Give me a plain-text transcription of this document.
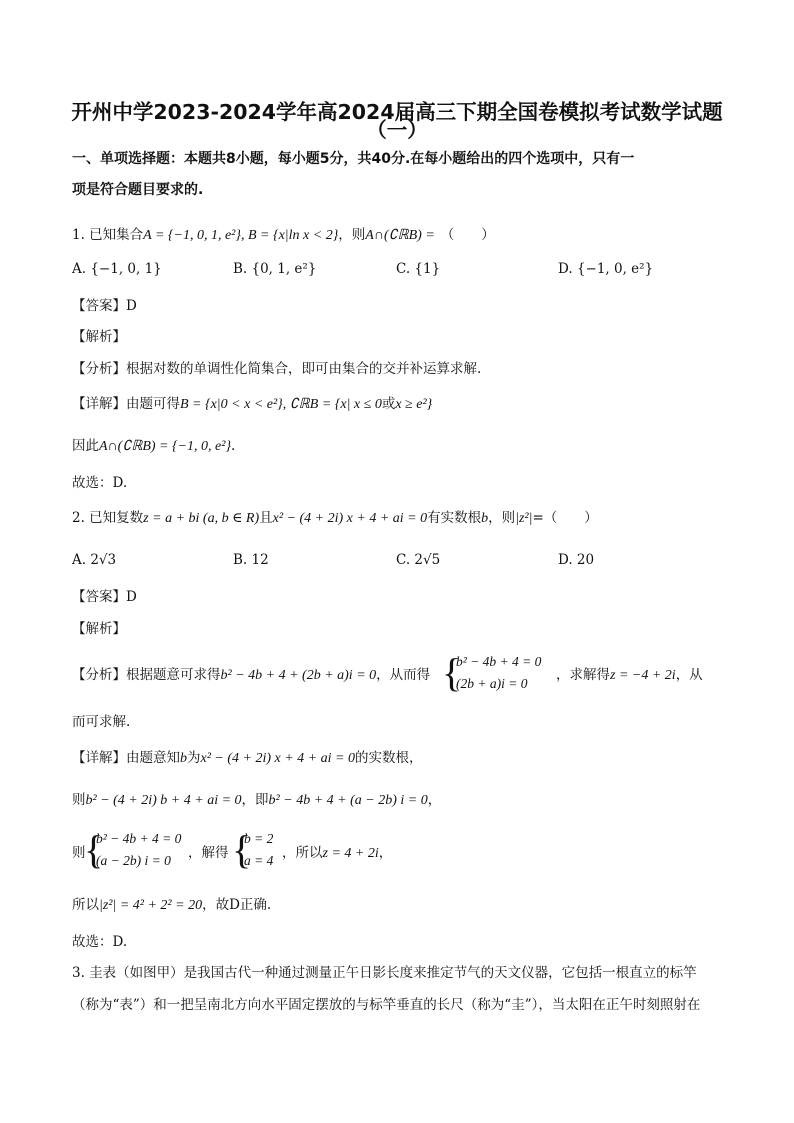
开州中学2023-2024学年高2024届高三下期全国卷模拟考试数学试题
（一）
一、单项选择题：本题共8小题，每小题5分，共40分.在每小题给出的四个选项中，只有一
项是符合题目要求的.
1. 已知集合A = {−1, 0, 1, e²}, B = {x|ln x < 2}，则A∩(∁ℝB) = （　　）
A. {−1, 0, 1}	B. {0, 1, e²}	C. {1}	D. {−1, 0, e²}
【答案】D
【解析】
【分析】根据对数的单调性化简集合，即可由集合的交并补运算求解.
【详解】由题可得B = {x|0 < x < e²}, ∁ℝB = {x| x ≤ 0或x ≥ e²}
因此A∩(∁ℝB) = {−1, 0, e²}.
故选：D.
2. 已知复数z = a + bi (a, b ∈ R)且x² − (4 + 2i) x + 4 + ai = 0有实数根b，则|z²|=（　　）
A. 2√3	B. 12	C. 2√5	D. 20
【答案】D
【解析】
【分析】根据题意可求得b² − 4b + 4 + (2b + a)i = 0，从而得 {
b² − 4b + 4 = 0
(2b + a)i = 0
，求解得z = −4 + 2i，从
而可求解.
【详解】由题意知b为x² − (4 + 2i) x + 4 + ai = 0的实数根，
则b² − (4 + 2i) b + 4 + ai = 0，即b² − 4b + 4 + (a − 2b) i = 0，
则
{
b² − 4b + 4 = 0
(a − 2b) i = 0 ，解得 {
b = 2
a = 4 ，所以z = 4 + 2i，
所以|z²| = 4² + 2² = 20，故D正确.
故选：D.
3. 圭表（如图甲）是我国古代一种通过测量正午日影长度来推定节气的天文仪器，它包括一根直立的标竿
（称为“表”）和一把呈南北方向水平固定摆放的与标竿垂直的长尺（称为“圭”），当太阳在正午时刻照射在
